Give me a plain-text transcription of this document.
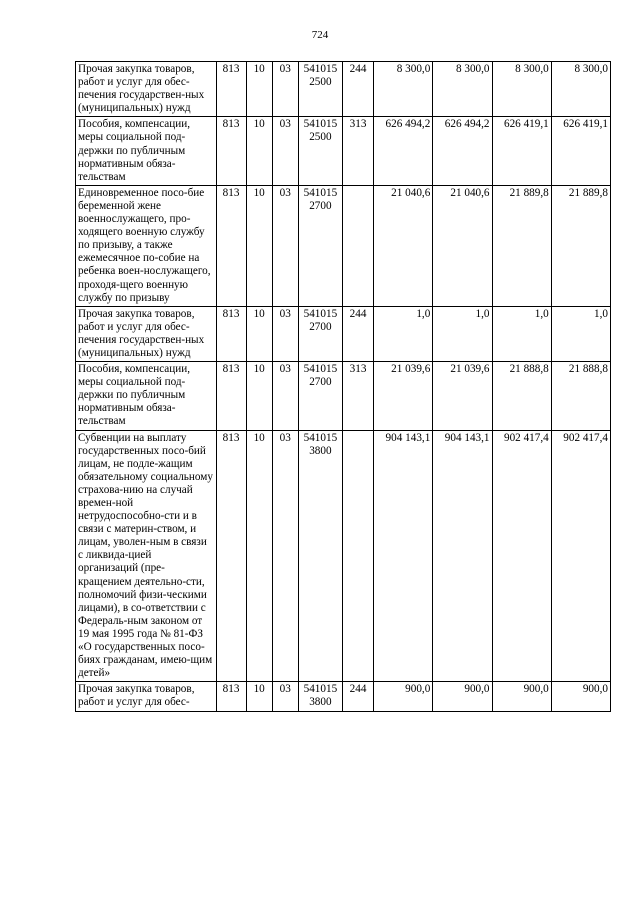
724
Прочая закупка товаров, работ и услуг для обес-печения государствен-ных (муниципальных) нужд	813	10	03	541015 2500	244	8 300,0	8 300,0	8 300,0	8 300,0
Пособия, компенсации, меры социальной под-держки по публичным нормативным обяза-тельствам	813	10	03	541015 2500	313	626 494,2	626 494,2	626 419,1	626 419,1
Единовременное посо-бие беременной жене военнослужащего, про-ходящего военную службу по призыву, а также ежемесячное по-собие на ребенка воен-нослужащего, проходя-щего военную службу по призыву	813	10	03	541015 2700		21 040,6	21 040,6	21 889,8	21 889,8
Прочая закупка товаров, работ и услуг для обес-печения государствен-ных (муниципальных) нужд	813	10	03	541015 2700	244	1,0	1,0	1,0	1,0
Пособия, компенсации, меры социальной под-держки по публичным нормативным обяза-тельствам	813	10	03	541015 2700	313	21 039,6	21 039,6	21 888,8	21 888,8
Субвенции на выплату государственных посо-бий лицам, не подле-жащим обязательному социальному страхова-нию на случай времен-ной нетрудоспособно-сти и в связи с материн-ством, и лицам, уволен-ным в связи с ликвида-цией организаций (пре-кращением деятельно-сти, полномочий физи-ческими лицами), в со-ответствии с Федераль-ным законом от 19 мая 1995 года № 81-ФЗ «О государственных посо-биях гражданам, имею-щим детей»	813	10	03	541015 3800		904 143,1	904 143,1	902 417,4	902 417,4
Прочая закупка товаров, работ и услуг для обес-	813	10	03	541015 3800	244	900,0	900,0	900,0	900,0
